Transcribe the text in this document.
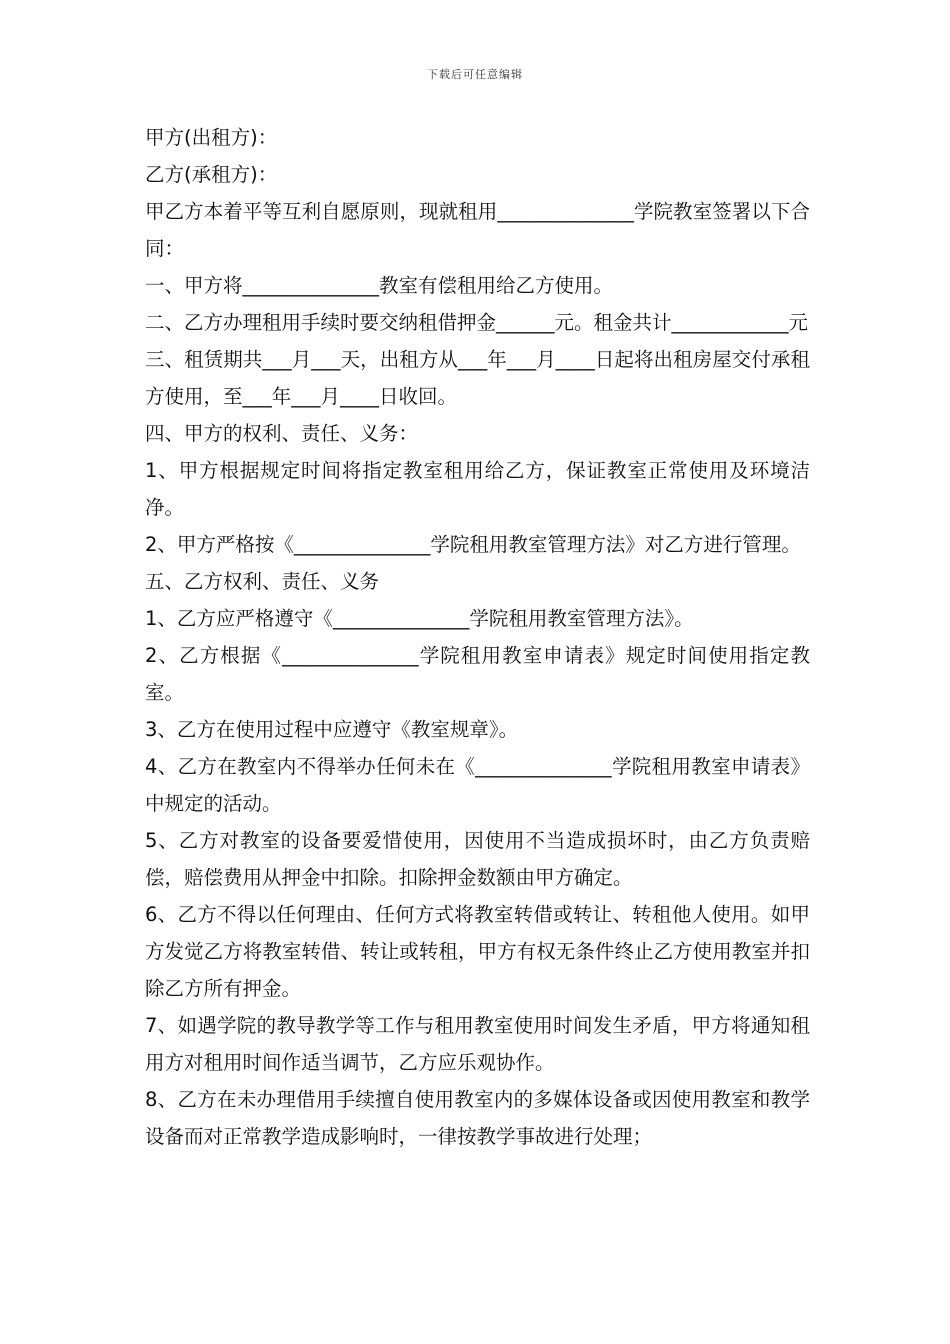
下载后可任意编辑

甲方(出租方)：

乙方(承租方)：

甲乙方本着平等互利自愿原则，现就租用______________学院教室签署以下合同：

一、甲方将______________教室有偿租用给乙方使用。

二、乙方办理租用手续时要交纳租借押金______元。租金共计____________元

三、租赁期共___月___天，出租方从___年___月____日起将出租房屋交付承租方使用，至___年___月____日收回。

四、甲方的权利、责任、义务：

1、甲方根据规定时间将指定教室租用给乙方，保证教室正常使用及环境洁净。

2、甲方严格按《______________学院租用教室管理方法》对乙方进行管理。

五、乙方权利、责任、义务

1、乙方应严格遵守《______________学院租用教室管理方法》。

2、乙方根据《______________学院租用教室申请表》规定时间使用指定教室。

3、乙方在使用过程中应遵守《教室规章》。

4、乙方在教室内不得举办任何未在《______________学院租用教室申请表》中规定的活动。

5、乙方对教室的设备要爱惜使用，因使用不当造成损坏时，由乙方负责赔偿，赔偿费用从押金中扣除。扣除押金数额由甲方确定。

6、乙方不得以任何理由、任何方式将教室转借或转让、转租他人使用。如甲方发觉乙方将教室转借、转让或转租，甲方有权无条件终止乙方使用教室并扣除乙方所有押金。

7、如遇学院的教导教学等工作与租用教室使用时间发生矛盾，甲方将通知租用方对租用时间作适当调节，乙方应乐观协作。

8、乙方在未办理借用手续擅自使用教室内的多媒体设备或因使用教室和教学设备而对正常教学造成影响时，一律按教学事故进行处理；
